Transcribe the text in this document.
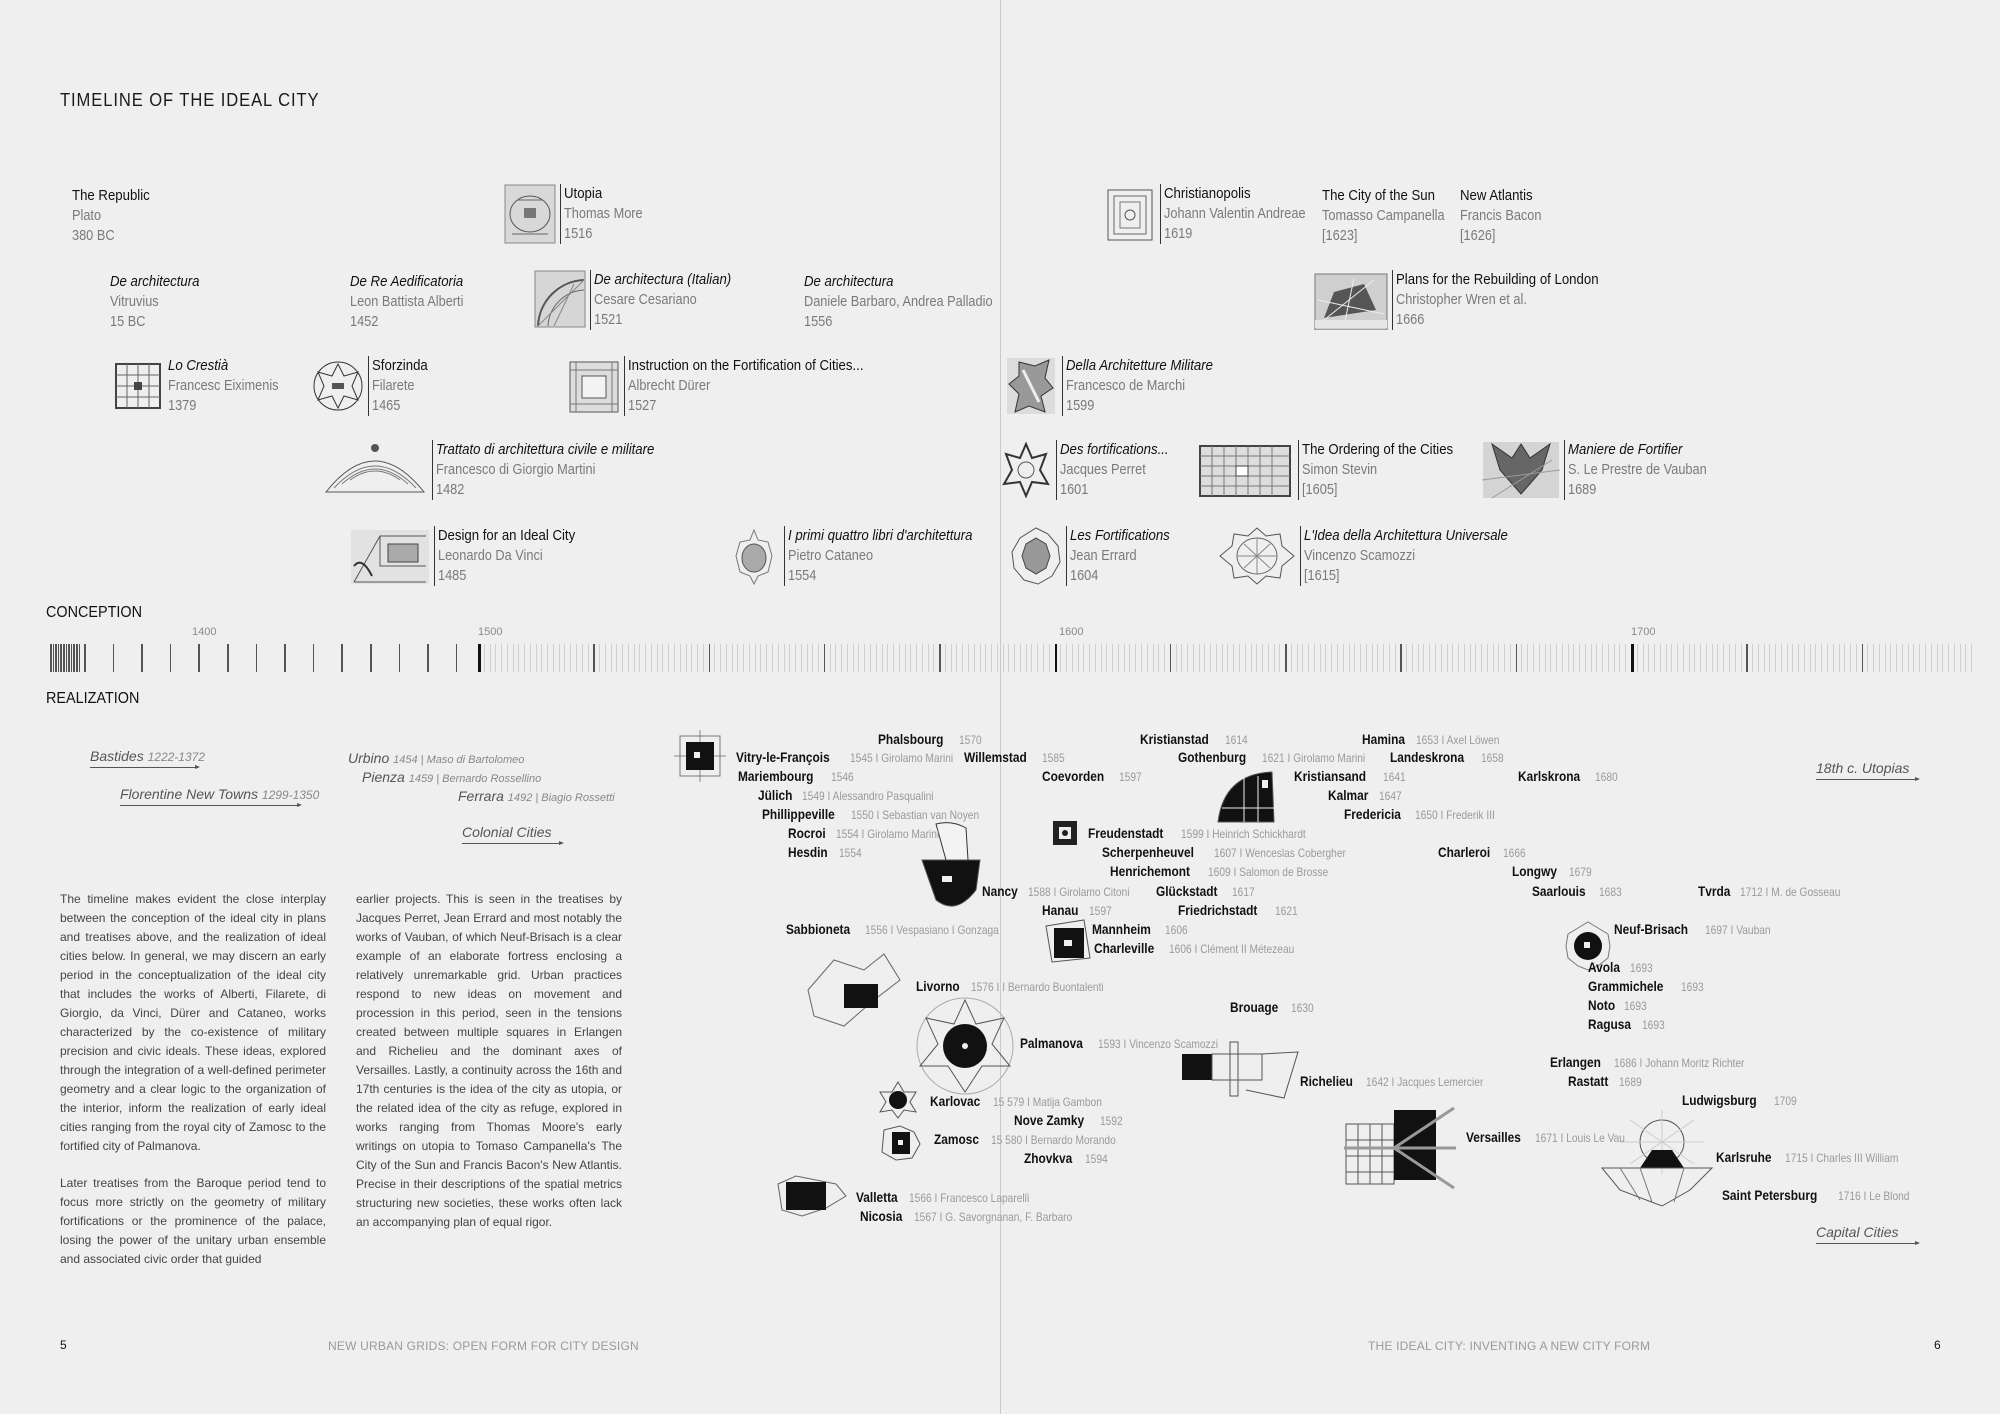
TIMELINE OF THE IDEAL CITY
The Republic
Plato
380 BC
Utopia
Thomas More
1516
De architectura
Vitruvius
15 BC
De Re Aedificatoria
Leon Battista Alberti
1452
De architectura (Italian)
Cesare Cesariano
1521
De architectura
Daniele Barbaro, Andrea Palladio
1556
Lo Crestià
Francesc Eiximenis
1379
Sforzinda
Filarete
1465
Instruction on the Fortification of Cities...
Albrecht Dürer
1527
Della Architetture Militare
Francesco de Marchi
1599
Trattato di architettura civile e militare
Francesco di Giorgio Martini
1482
Des fortifications...
Jacques Perret
1601
The Ordering of the Cities
Simon Stevin
[1605]
Maniere de Fortifier
S. Le Prestre de Vauban
1689
Design for an Ideal City
Leonardo Da Vinci
1485
I primi quattro libri d'architettura
Pietro Cataneo
1554
Les Fortifications
Jean Errard
1604
L'Idea della Architettura Universale
Vincenzo Scamozzi
[1615]
Christianopolis
Johann Valentin Andreae
1619
The City of the Sun
Tomasso Campanella
[1623]
New Atlantis
Francis Bacon
[1626]
Plans for the Rebuilding of London
Christopher Wren et al.
1666
CONCEPTION
1400	1500	1600	1700
REALIZATION
Bastides 1222-1372
Florentine New Towns 1299-1350
Colonial Cities
18th c. Utopias
Capital Cities
Urbino 1454 | Maso di Bartolomeo
Pienza 1459 | Bernardo Rossellino
Ferrara 1492 | Biagio Rossetti
Phalsbourg 1570
Vitry-le-François 1545 I Girolamo Marini
Mariembourg 1546
Jülich 1549 I Alessandro Pasqualini
Phillippeville 1550 I Sebastian van Noyen
Rocroi 1554 I Girolamo Marini
Hesdin 1554
Willemstad 1585
Coevorden 1597
Nancy 1588 I Girolamo Citoni
Sabbioneta 1556 I Vespasiano I Gonzaga
Hanau 1597
Livorno 1576 I I Bernardo Buontalenti
Palmanova 1593 I Vincenzo Scamozzi
Karlovac 15 579 I Matija Gambon
Nove Zamky 1592
Zamosc 15 580 I Bernardo Morando
Zhovkva 1594
Valletta 1566 I Francesco Laparelli
Nicosia 1567 I G. Savorgnanan, F. Barbaro
Kristianstad 1614
Gothenburg 1621 I Girolamo Marini
Freudenstadt 1599 I Heinrich Schickhardt
Scherpenheuvel 1607 I Wenceslas Cobergher
Henrichemont 1609 I Salomon de Brosse
Glückstadt 1617
Friedrichstadt 1621
Mannheim 1606
Charleville 1606 I Clément II Métezeau
Brouage 1630
Richelieu 1642 I Jacques Lemercier
Versailles 1671 I Louis Le Vau
Hamina 1653 I Axel Löwen
Landeskrona 1658
Kristiansand 1641
Kalmar 1647
Fredericia 1650 I Frederik III
Karlskrona 1680
Charleroi 1666
Longwy 1679
Saarlouis 1683	Tvrda 1712 I M. de Gosseau
Neuf-Brisach 1697 I Vauban
Avola 1693
Grammichele 1693
Noto 1693
Ragusa 1693
Erlangen 1686 I Johann Moritz Richter
Rastatt 1689
Ludwigsburg 1709
Karlsruhe 1715 I Charles III William
Saint Petersburg 1716 I Le Blond

The timeline makes evident the close interplay between the conception of the ideal city in plans and treatises above, and the realization of ideal cities below. In general, we may discern an early period in the conceptualization of the ideal city that includes the works of Alberti, Filarete, di Giorgio, da Vinci, Dürer and Cataneo, works characterized by the co-existence of military precision and civic ideals. These ideas, explored through the integration of a well-defined perimeter geometry and a clear logic to the organization of the interior, inform the realization of early ideal cities ranging from the royal city of Zamosc to the fortified city of Palmanova.

Later treatises from the Baroque period tend to focus more strictly on the geometry of military fortifications or the prominence of the palace, losing the power of the unitary urban ensemble and associated civic order that guided

earlier projects. This is seen in the treatises by Jacques Perret, Jean Errard and most notably the works of Vauban, of which Neuf-Brisach is a clear example of an elaborate fortress enclosing a relatively unremarkable grid. Urban practices respond to new ideas on movement and procession in this period, seen in the tensions created between multiple squares in Erlangen and Richelieu and the dominant axes of Versailles. Lastly, a continuity across the 16th and 17th centuries is the idea of the city as utopia, or the related idea of the city as refuge, explored in works ranging from Thomas Moore's early writings on utopia to Tomaso Campanella's The City of the Sun and Francis Bacon's New Atlantis. Precise in their descriptions of the spatial metrics structuring new societies, these works often lack an accompanying plan of equal rigor.

5	NEW URBAN GRIDS: OPEN FORM FOR CITY DESIGN	THE IDEAL CITY: INVENTING A NEW CITY FORM	6
